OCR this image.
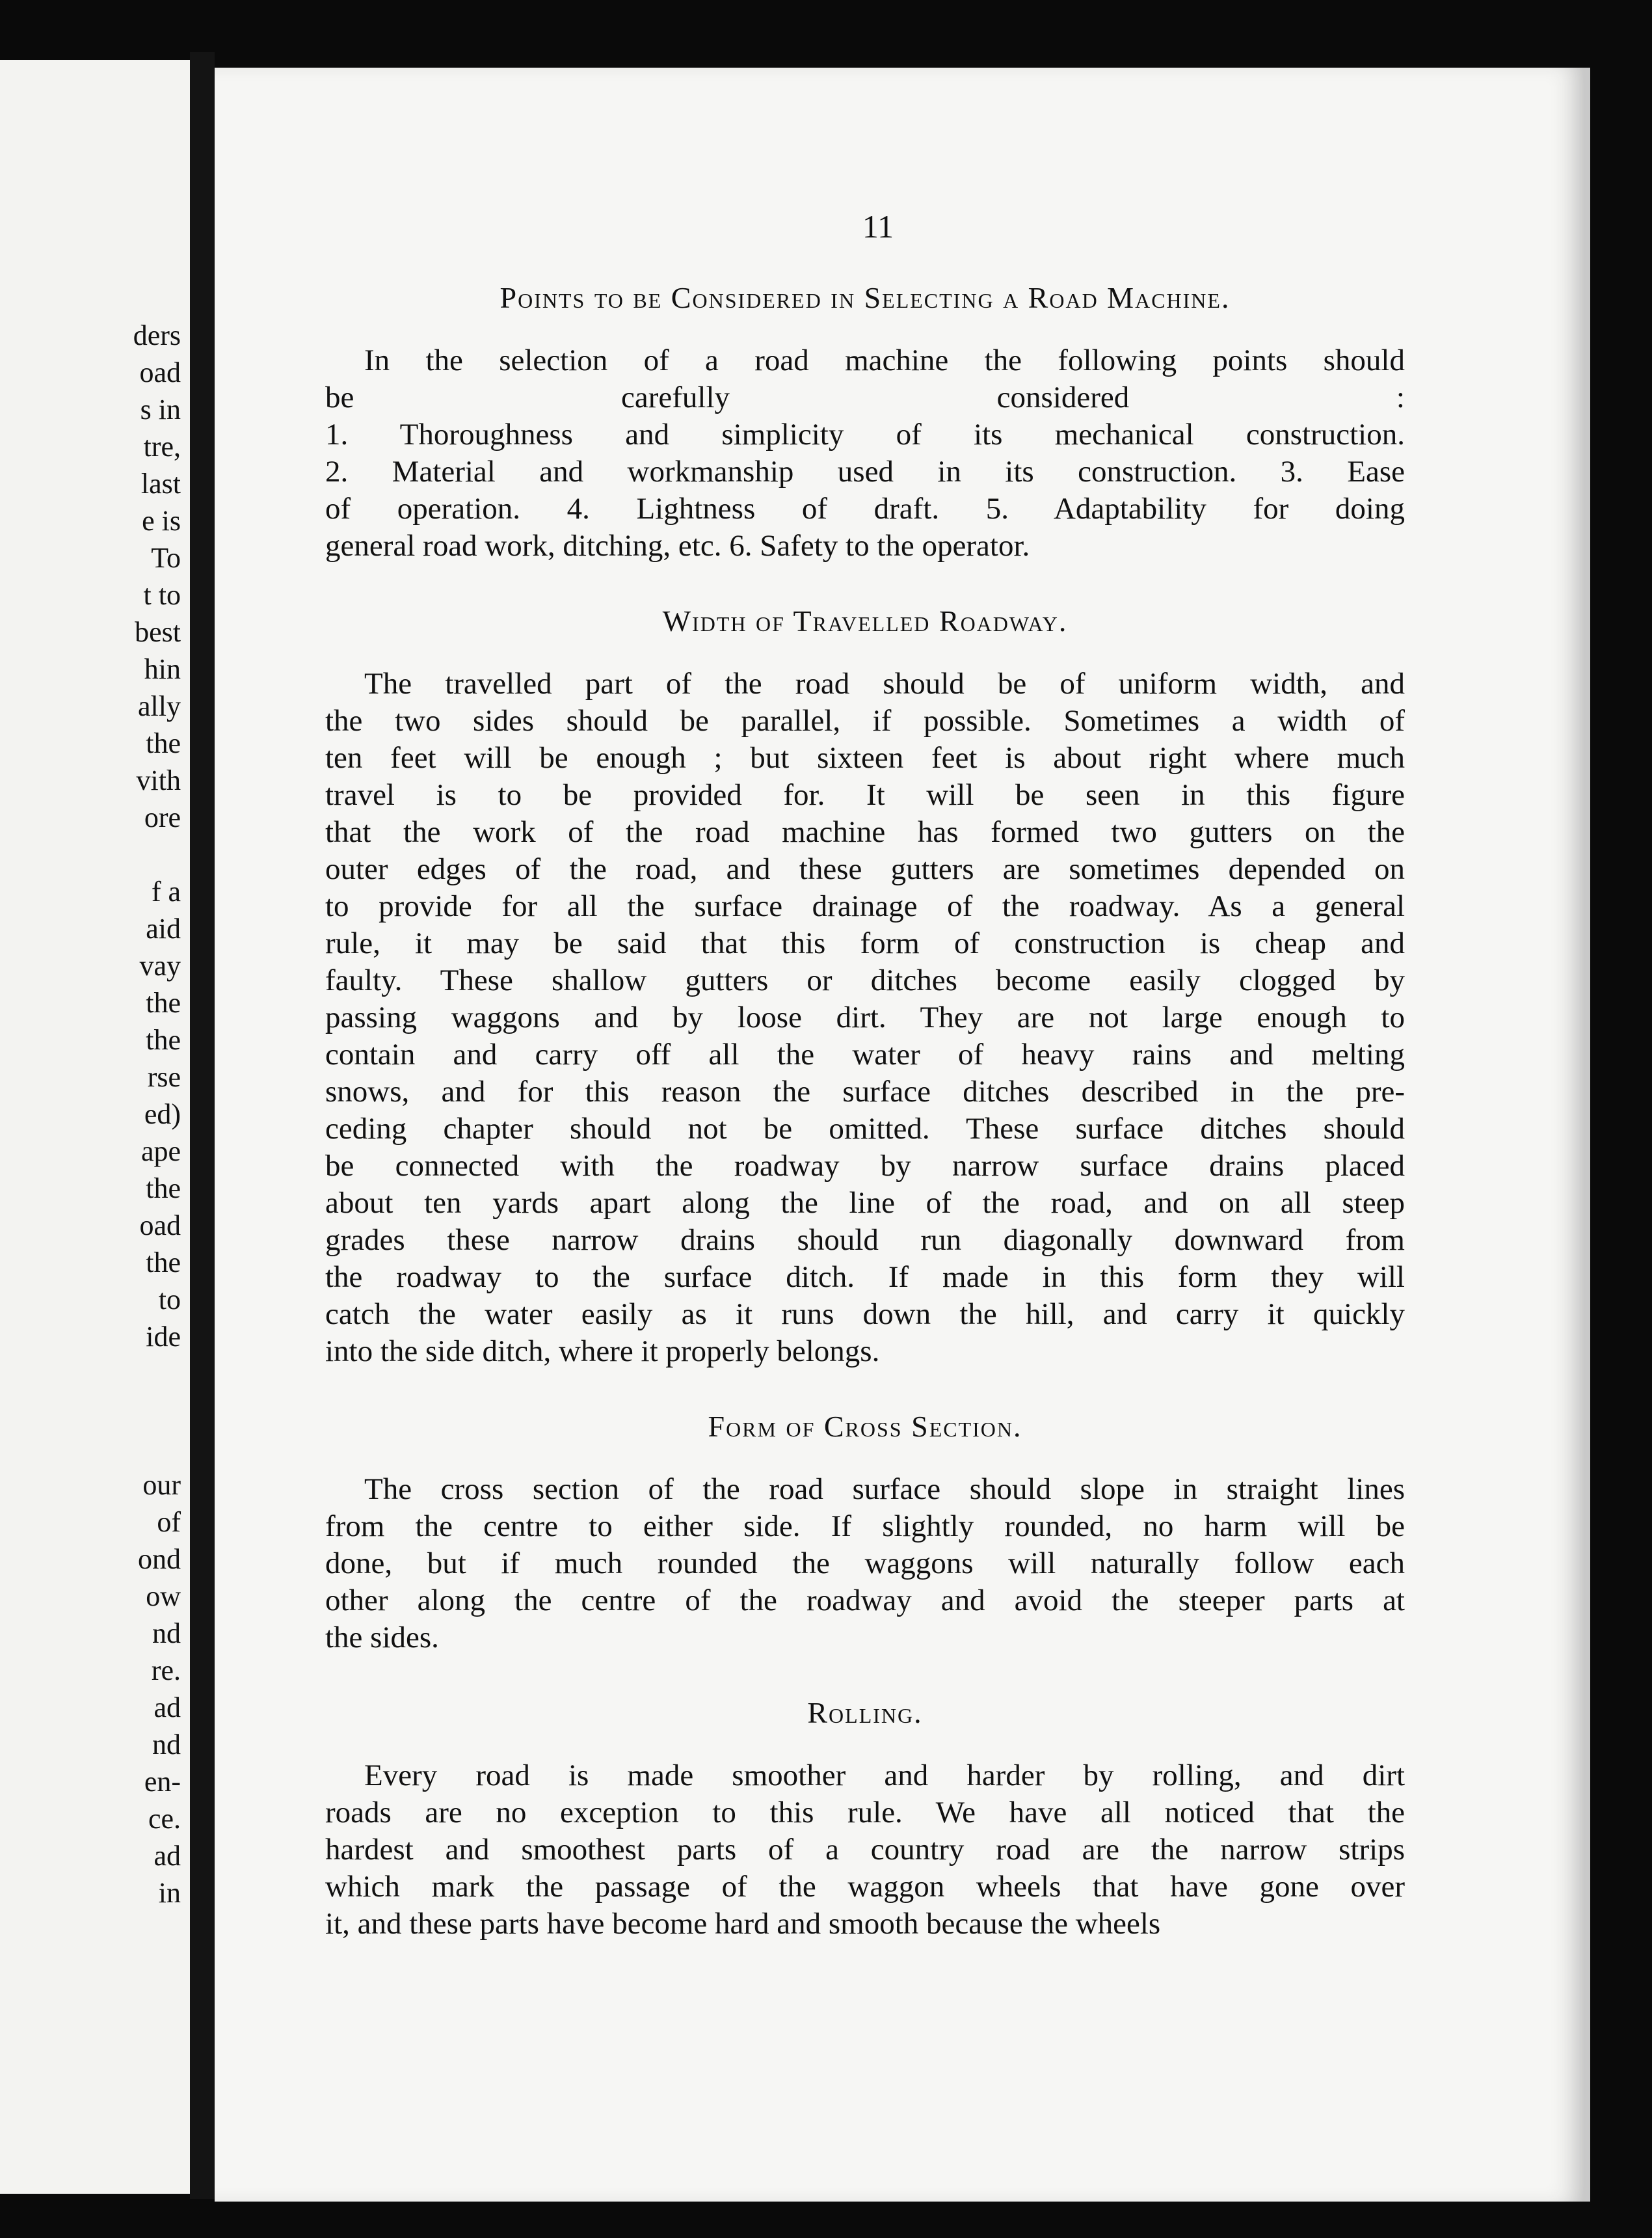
ders
oad
s in
tre,
last
e is
To
t to
best
hin
ally
the
vith
ore

f a
aid
vay
the
the
rse
ed)
ape
the
oad
the
to
ide

our
of
ond
ow
nd
re.
ad
nd
en-
ce.
ad
in
11
Points to be Considered in Selecting a Road Machine.
In the selection of a road machine the following points should
be carefully considered :
1. Thoroughness and simplicity of its mechanical construction.
2. Material and workmanship used in its construction. 3. Ease
of operation. 4. Lightness of draft. 5. Adaptability for doing
general road work, ditching, etc. 6. Safety to the operator.
Width of Travelled Roadway.
The travelled part of the road should be of uniform width, and
the two sides should be parallel, if possible. Sometimes a width of
ten feet will be enough ; but sixteen feet is about right where much
travel is to be provided for. It will be seen in this figure
that the work of the road machine has formed two gutters on the
outer edges of the road, and these gutters are sometimes depended on
to provide for all the surface drainage of the roadway. As a general
rule, it may be said that this form of construction is cheap and
faulty. These shallow gutters or ditches become easily clogged by
passing waggons and by loose dirt. They are not large enough to
contain and carry off all the water of heavy rains and melting
snows, and for this reason the surface ditches described in the pre-
ceding chapter should not be omitted. These surface ditches should
be connected with the roadway by narrow surface drains placed
about ten yards apart along the line of the road, and on all steep
grades these narrow drains should run diagonally downward from
the roadway to the surface ditch. If made in this form they will
catch the water easily as it runs down the hill, and carry it quickly
into the side ditch, where it properly belongs.
Form of Cross Section.
The cross section of the road surface should slope in straight lines
from the centre to either side. If slightly rounded, no harm will be
done, but if much rounded the waggons will naturally follow each
other along the centre of the roadway and avoid the steeper parts at
the sides.
Rolling.
Every road is made smoother and harder by rolling, and dirt
roads are no exception to this rule. We have all noticed that the
hardest and smoothest parts of a country road are the narrow strips
which mark the passage of the waggon wheels that have gone over
it, and these parts have become hard and smooth because the wheels
